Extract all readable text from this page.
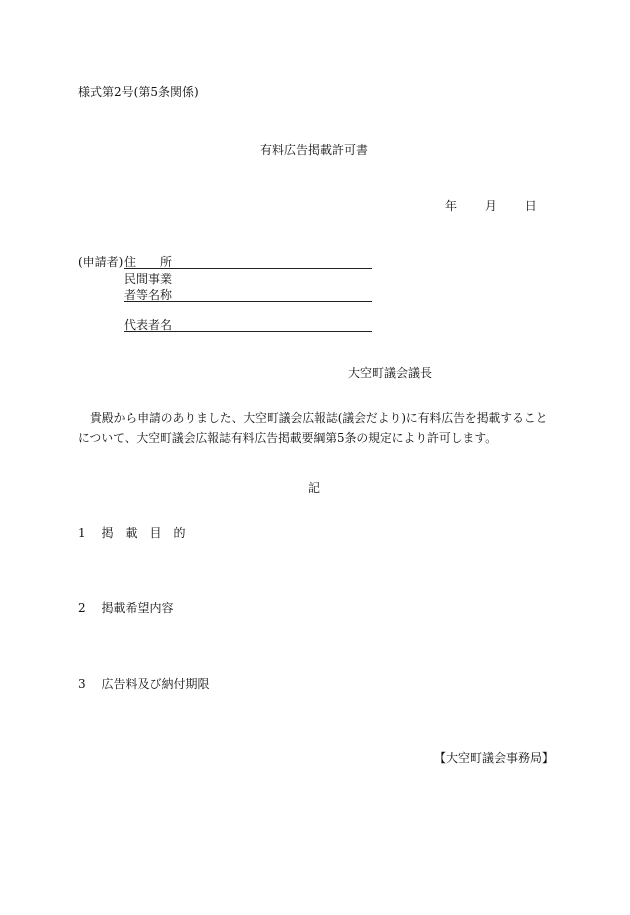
様式第2号(第5条関係)
有料広告掲載許可書
年 月 日
(申請者) 住　　所
民間事業
者等名称
代表者名
大空町議会議長
貴殿から申請のありました、大空町議会広報誌(議会だより)に有料広告を掲載すること
について、大空町議会広報誌有料広告掲載要綱第5条の規定により許可します。
記
1 掲　載　目　的
2 掲載希望内容
3 広告料及び納付期限
【大空町議会事務局】
